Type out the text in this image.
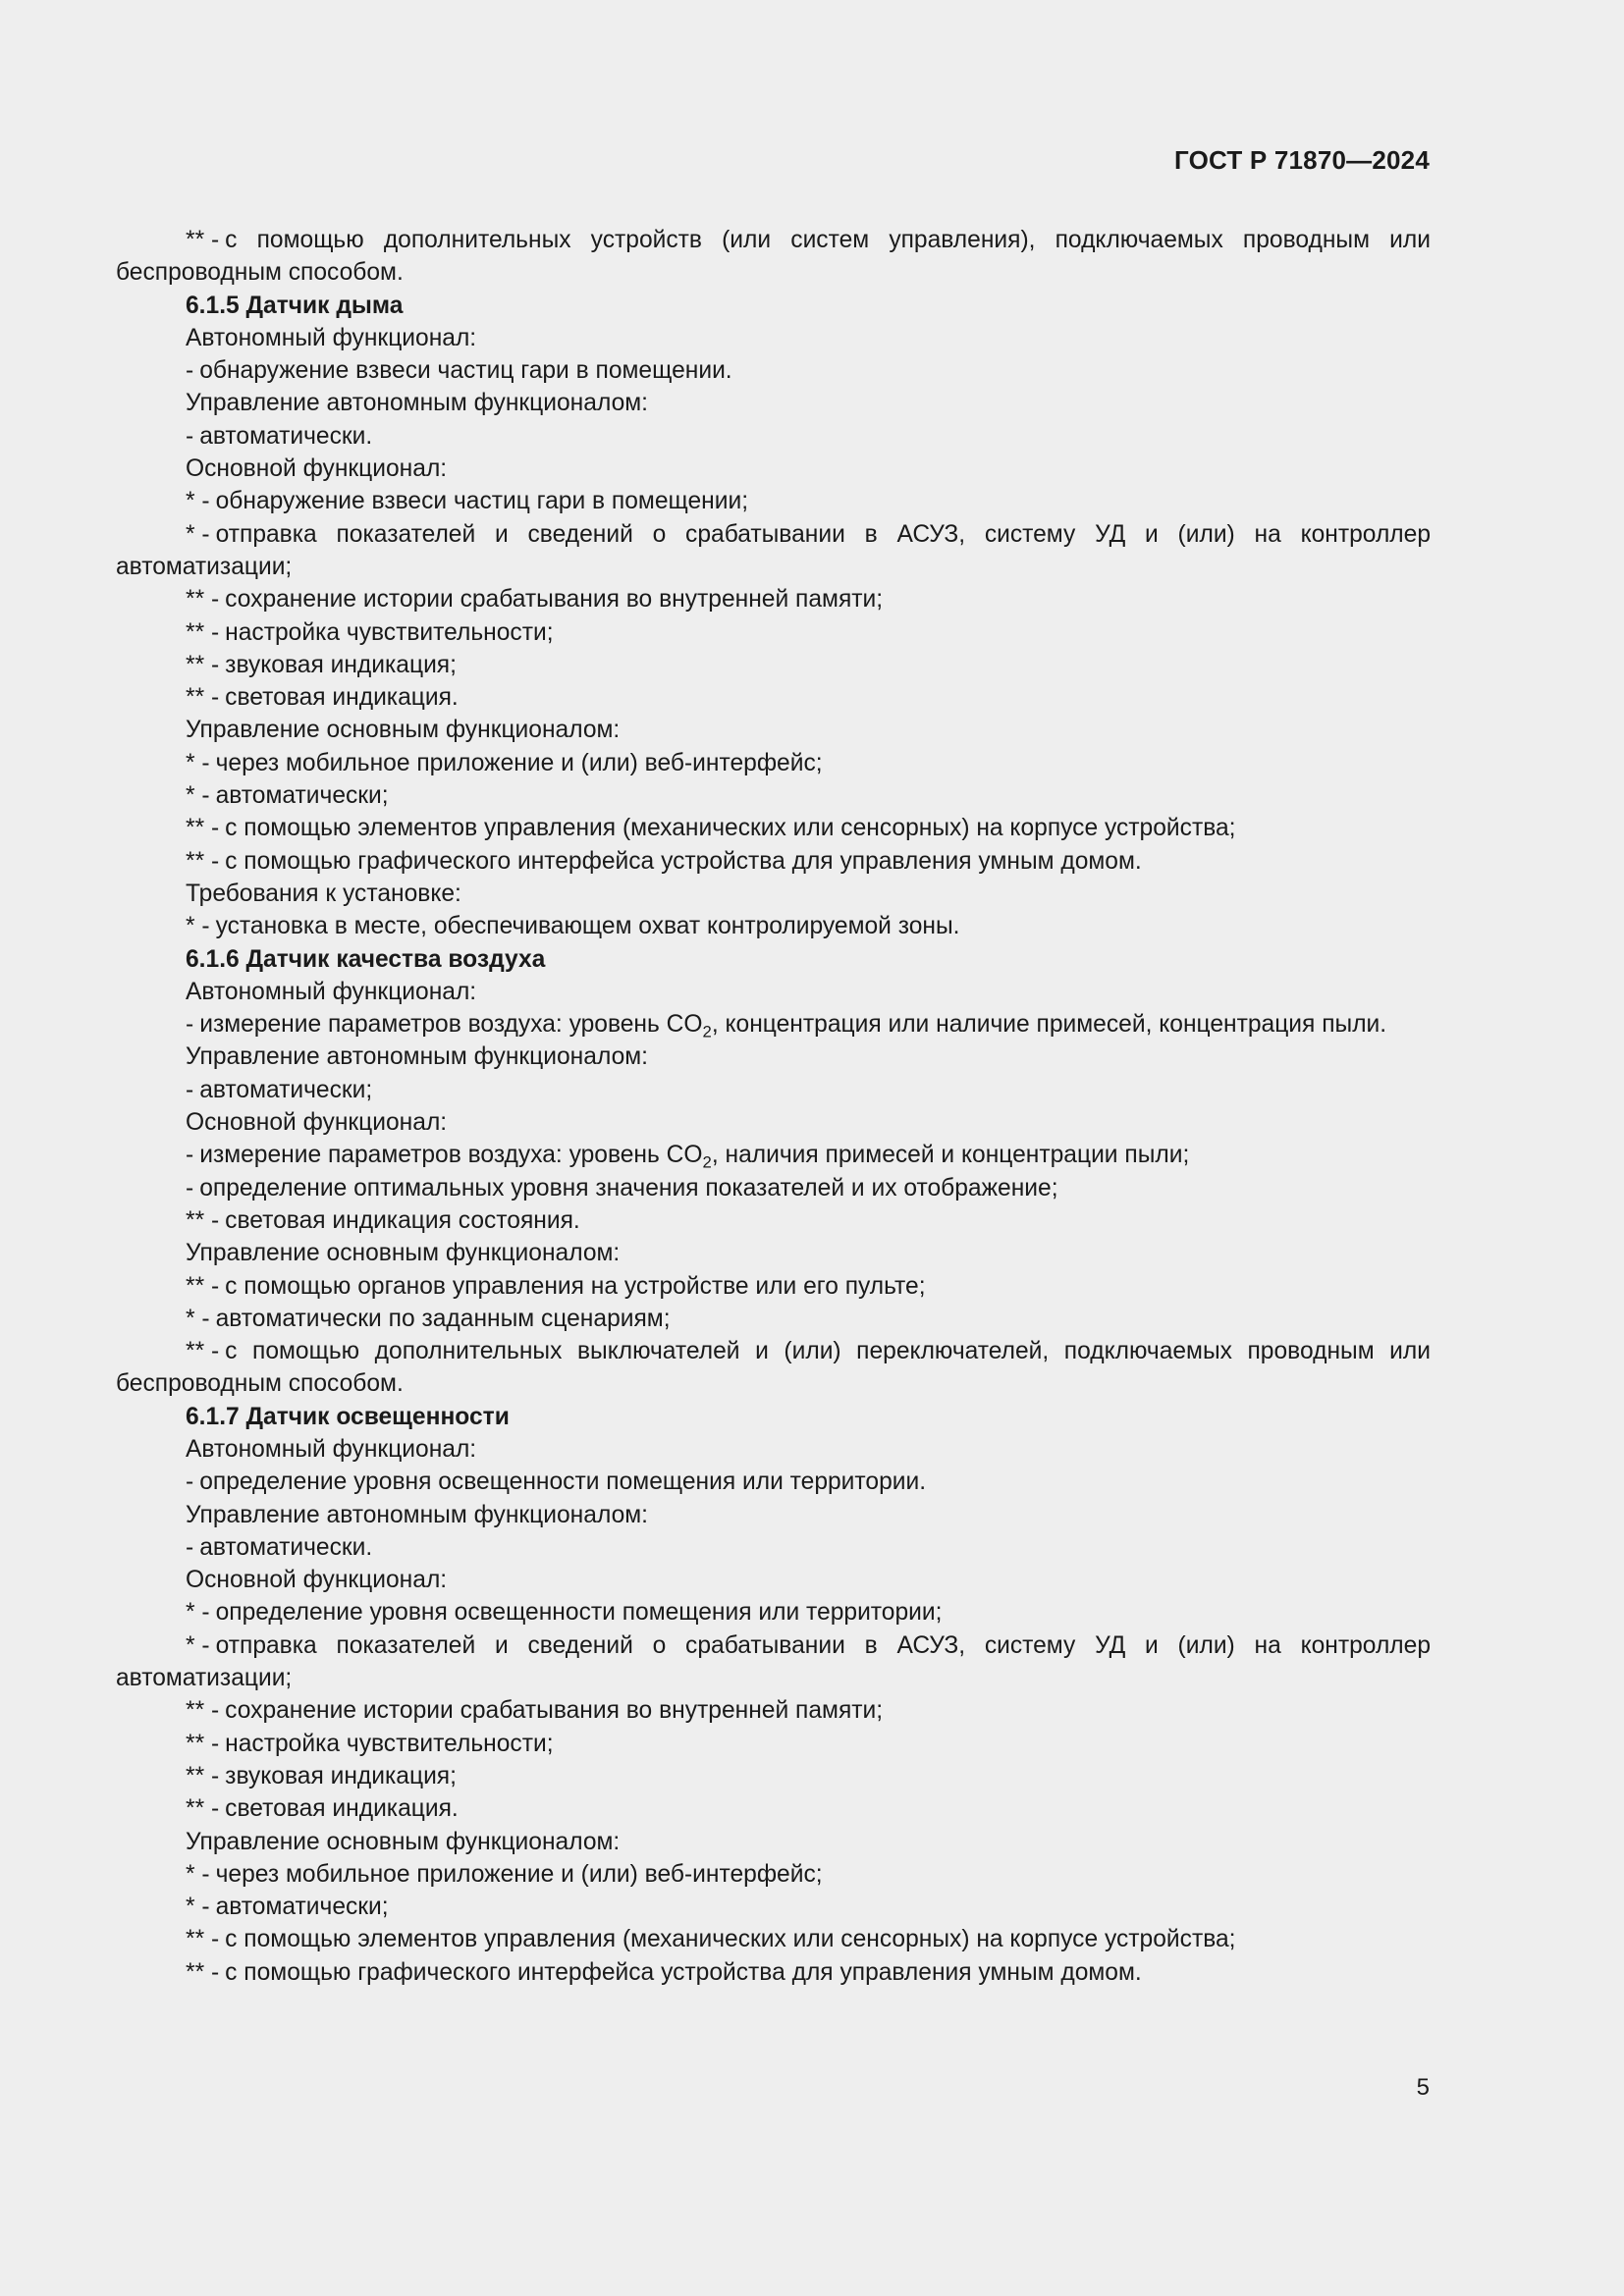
ГОСТ Р 71870—2024

** - с помощью дополнительных устройств (или систем управления), подключаемых проводным или беспроводным способом.

6.1.5 Датчик дыма

Автономный функционал:

- обнаружение взвеси частиц гари в помещении.

Управление автономным функционалом:

- автоматически.

Основной функционал:

* - обнаружение взвеси частиц гари в помещении;

* - отправка показателей и сведений о срабатывании в АСУЗ, систему УД и (или) на контроллер автоматизации;

** - сохранение истории срабатывания во внутренней памяти;

** - настройка чувствительности;

** - звуковая индикация;

** - световая индикация.

Управление основным функционалом:

* - через мобильное приложение и (или) веб-интерфейс;

* - автоматически;

** - с помощью элементов управления (механических или сенсорных) на корпусе устройства;

** - с помощью графического интерфейса устройства для управления умным домом.

Требования к установке:

* - установка в месте, обеспечивающем охват контролируемой зоны.

6.1.6 Датчик качества воздуха

Автономный функционал:

- измерение параметров воздуха: уровень $CO_2$, концентрация или наличие примесей, концентрация пыли.

Управление автономным функционалом:

- автоматически;

Основной функционал:

- измерение параметров воздуха: уровень $CO_2$, наличия примесей и концентрации пыли;

- определение оптимальных уровня значения показателей и их отображение;

** - световая индикация состояния.

Управление основным функционалом:

** - с помощью органов управления на устройстве или его пульте;

* - автоматически по заданным сценариям;

** - с помощью дополнительных выключателей и (или) переключателей, подключаемых проводным или беспроводным способом.

6.1.7 Датчик освещенности

Автономный функционал:

- определение уровня освещенности помещения или территории.

Управление автономным функционалом:

- автоматически.

Основной функционал:

* - определение уровня освещенности помещения или территории;

* - отправка показателей и сведений о срабатывании в АСУЗ, систему УД и (или) на контроллер автоматизации;

** - сохранение истории срабатывания во внутренней памяти;

** - настройка чувствительности;

** - звуковая индикация;

** - световая индикация.

Управление основным функционалом:

* - через мобильное приложение и (или) веб-интерфейс;

* - автоматически;

** - с помощью элементов управления (механических или сенсорных) на корпусе устройства;

** - с помощью графического интерфейса устройства для управления умным домом.

5
